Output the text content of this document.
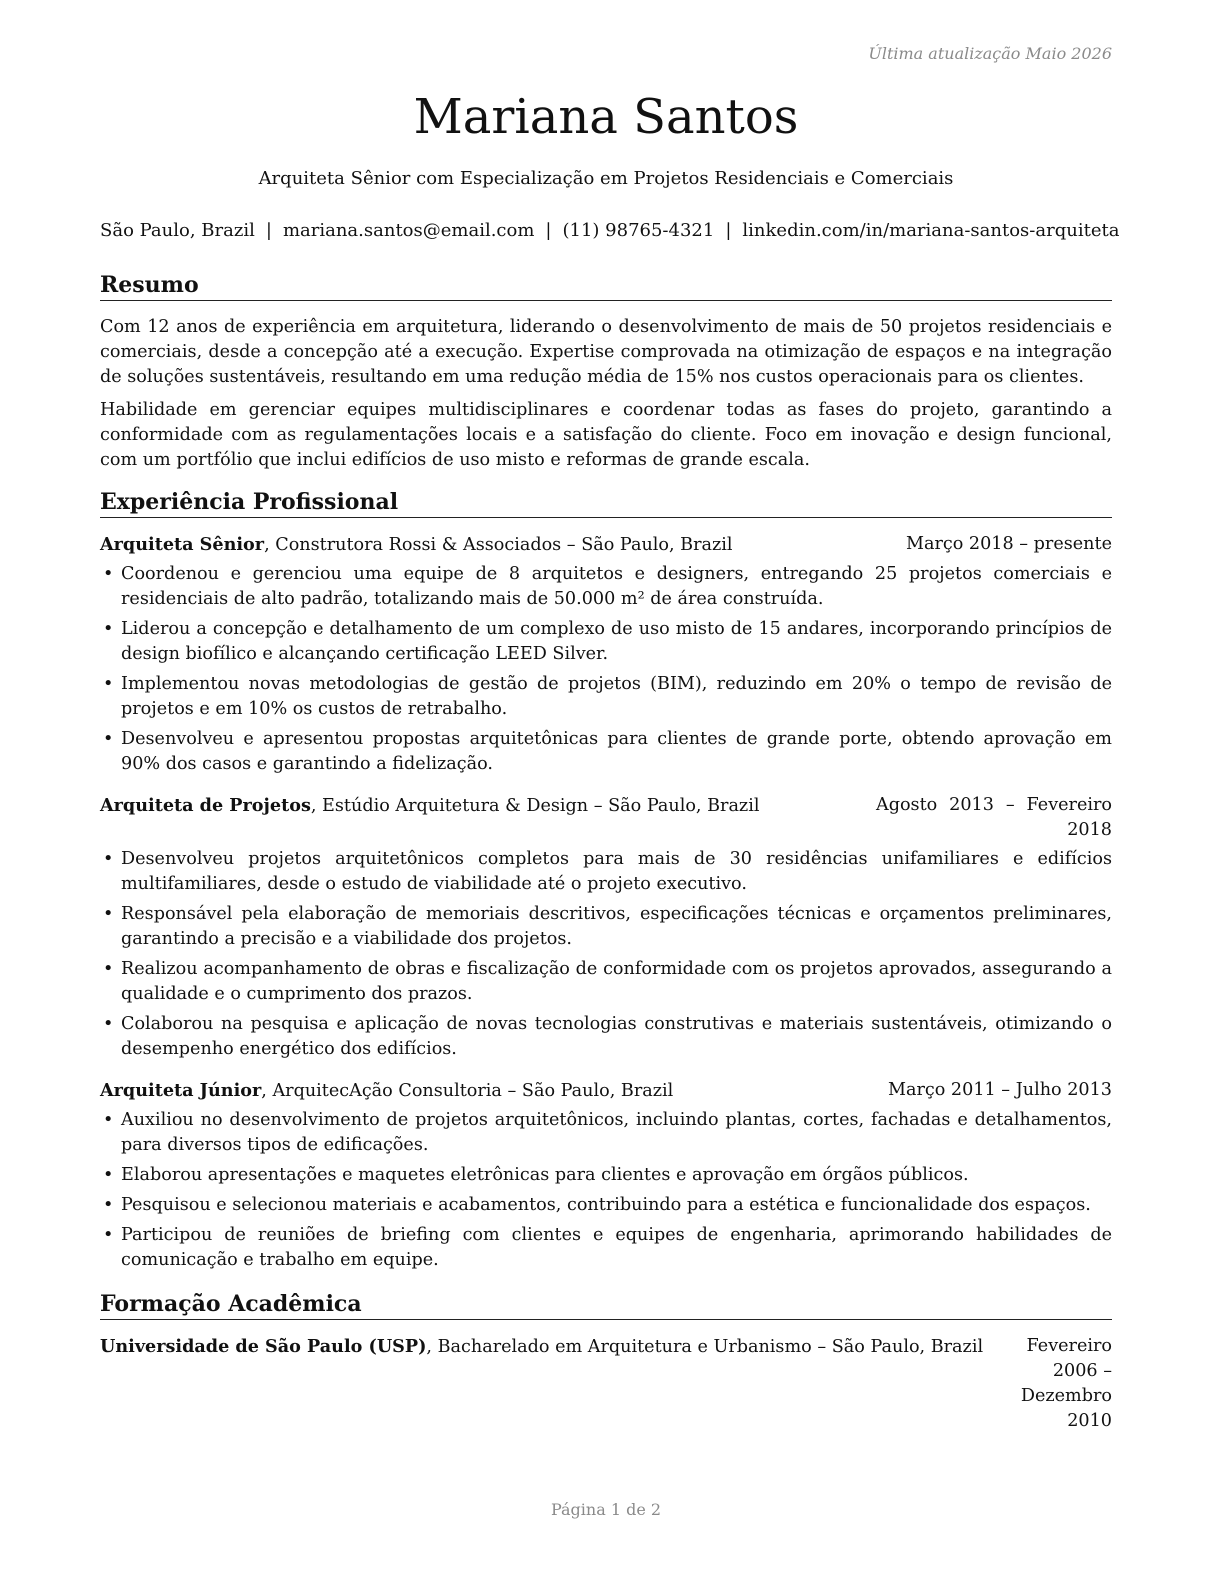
Última atualização Maio 2026
Mariana Santos
Arquiteta Sênior com Especialização em Projetos Residenciais e Comerciais
São Paulo, Brazil | mariana.santos@email.com | (11) 98765-4321 | linkedin.com/in/mariana-santos-arquiteta
Resumo

Com 12 anos de experiência em arquitetura, liderando o desenvolvimento de mais de 50 projetos residenciais e comerciais, desde a concepção até a execução. Expertise comprovada na otimização de espaços e na integração de soluções sustentáveis, resultando em uma redução média de 15% nos custos operacionais para os clientes.

Habilidade em gerenciar equipes multidisciplinares e coordenar todas as fases do projeto, garantindo a conformidade com as regulamentações locais e a satisfação do cliente. Foco em inovação e design funcional, com um portfólio que inclui edifícios de uso misto e reformas de grande escala.

Experiência Profissional
Arquiteta Sênior, Construtora Rossi & Associados – São Paulo, Brazil	Março 2018 – presente
• Coordenou e gerenciou uma equipe de 8 arquitetos e designers, entregando 25 projetos comerciais e residenciais de alto padrão, totalizando mais de 50.000 m² de área construída.
• Liderou a concepção e detalhamento de um complexo de uso misto de 15 andares, incorporando princípios de design biofílico e alcançando certificação LEED Silver.
• Implementou novas metodologias de gestão de projetos (BIM), reduzindo em 20% o tempo de revisão de projetos e em 10% os custos de retrabalho.
• Desenvolveu e apresentou propostas arquitetônicas para clientes de grande porte, obtendo aprovação em 90% dos casos e garantindo a fidelização.
Arquiteta de Projetos, Estúdio Arquitetura & Design – São Paulo, Brazil	Agosto 2013 – Fevereiro 2018
• Desenvolveu projetos arquitetônicos completos para mais de 30 residências unifamiliares e edifícios multifamiliares, desde o estudo de viabilidade até o projeto executivo.
• Responsável pela elaboração de memoriais descritivos, especificações técnicas e orçamentos preliminares, garantindo a precisão e a viabilidade dos projetos.
• Realizou acompanhamento de obras e fiscalização de conformidade com os projetos aprovados, assegurando a qualidade e o cumprimento dos prazos.
• Colaborou na pesquisa e aplicação de novas tecnologias construtivas e materiais sustentáveis, otimizando o desempenho energético dos edifícios.
Arquiteta Júnior, ArquitecAção Consultoria – São Paulo, Brazil	Março 2011 – Julho 2013
• Auxiliou no desenvolvimento de projetos arquitetônicos, incluindo plantas, cortes, fachadas e detalhamentos, para diversos tipos de edificações.
• Elaborou apresentações e maquetes eletrônicas para clientes e aprovação em órgãos públicos.
• Pesquisou e selecionou materiais e acabamentos, contribuindo para a estética e funcionalidade dos espaços.
• Participou de reuniões de briefing com clientes e equipes de engenharia, aprimorando habilidades de comunicação e trabalho em equipe.
Formação Acadêmica
Universidade de São Paulo (USP), Bacharelado em Arquitetura e Urbanismo – São Paulo, Brazil	Fevereiro 2006 – Dezembro 2010
Página 1 de 2
